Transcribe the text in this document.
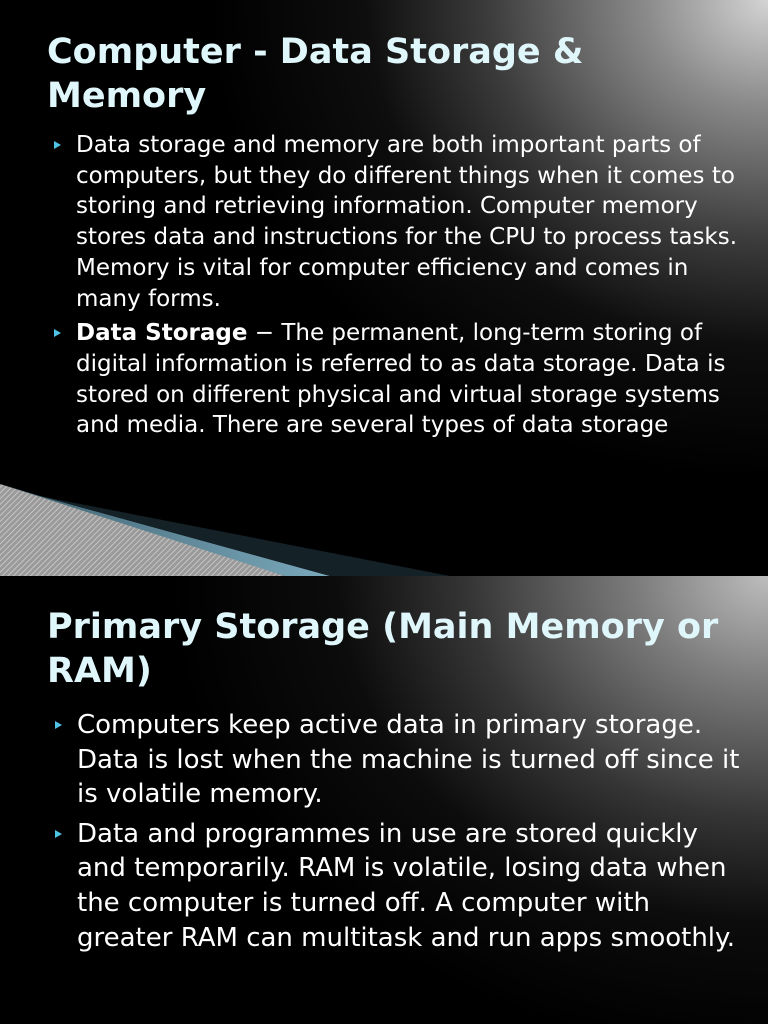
Computer - Data Storage & Memory
Data storage and memory are both important parts of computers, but they do different things when it comes to storing and retrieving information. Computer memory stores data and instructions for the CPU to process tasks. Memory is vital for computer efficiency and comes in many forms.
Data Storage − The permanent, long-term storing of digital information is referred to as data storage. Data is stored on different physical and virtual storage systems and media. There are several types of data storage
Primary Storage (Main Memory or RAM)
Computers keep active data in primary storage. Data is lost when the machine is turned off since it is volatile memory.
Data and programmes in use are stored quickly and temporarily. RAM is volatile, losing data when the computer is turned off. A computer with greater RAM can multitask and run apps smoothly.
